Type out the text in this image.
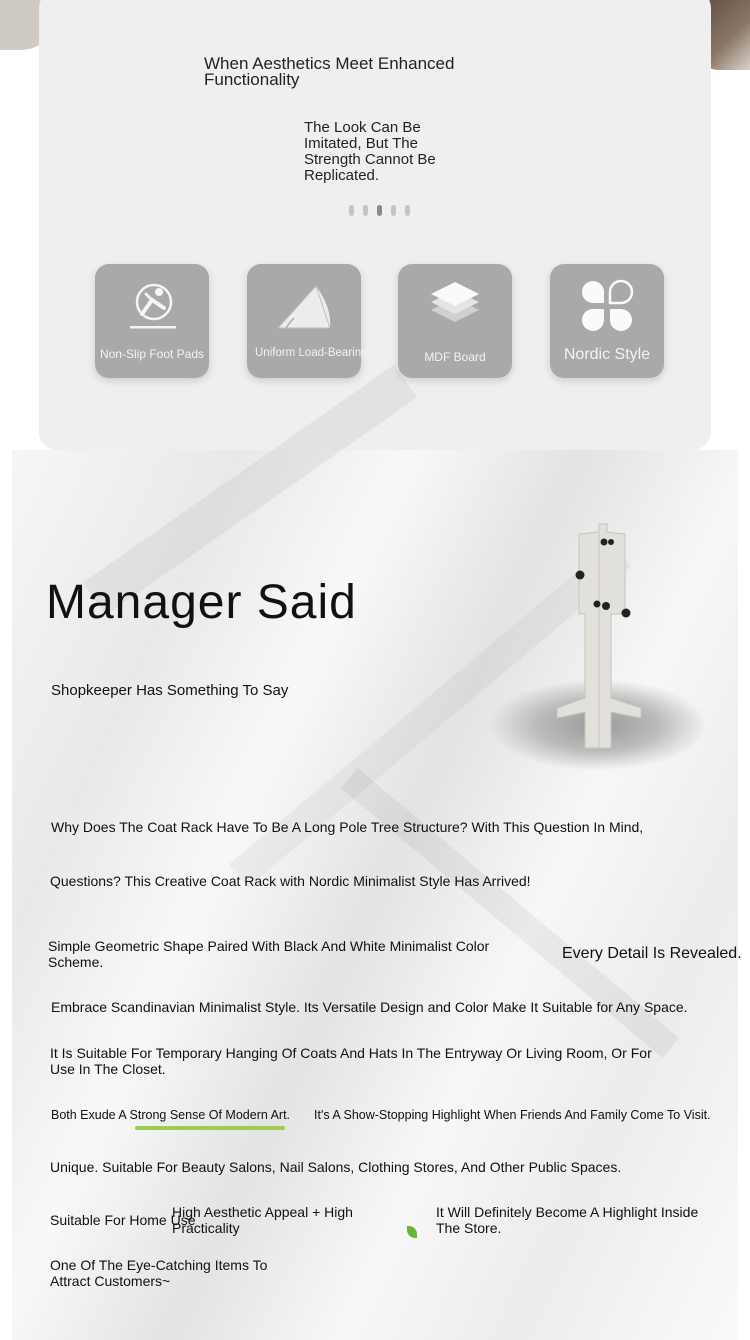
When Aesthetics Meet Enhanced Functionality
The Look Can Be Imitated, But The Strength Cannot Be Replicated.
Non-Slip Foot Pads	Uniform Load-Bearing	MDF Board	Nordic Style
Manager Said
Shopkeeper Has Something To Say
Why Does The Coat Rack Have To Be A Long Pole Tree Structure? With This Question In Mind,
Questions? This Creative Coat Rack with Nordic Minimalist Style Has Arrived!
Simple Geometric Shape Paired With Black And White Minimalist Color Scheme.	Every Detail Is Revealed.
Embrace Scandinavian Minimalist Style. Its Versatile Design and Color Make It Suitable for Any Space.
It Is Suitable For Temporary Hanging Of Coats And Hats In The Entryway Or Living Room, Or For Use In The Closet.
Both Exude A Strong Sense Of Modern Art. It's A Show-Stopping Highlight When Friends And Family Come To Visit.
Unique. Suitable For Beauty Salons, Nail Salons, Clothing Stores, And Other Public Spaces.
Suitable For Home Use
High Aesthetic Appeal + High Practicality
It Will Definitely Become A Highlight Inside The Store.
One Of The Eye-Catching Items To Attract Customers~
